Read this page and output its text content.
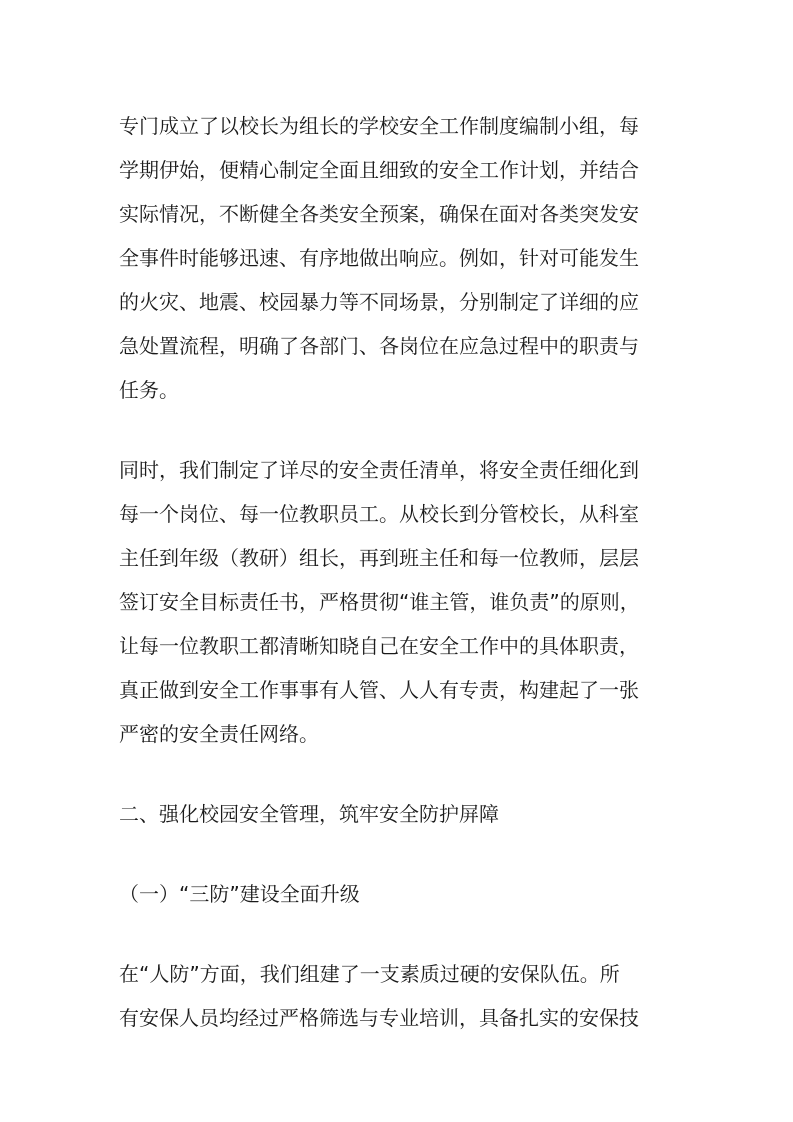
专门成立了以校长为组长的学校安全工作制度编制小组，每
学期伊始，便精心制定全面且细致的安全工作计划，并结合
实际情况，不断健全各类安全预案，确保在面对各类突发安
全事件时能够迅速、有序地做出响应。例如，针对可能发生
的火灾、地震、校园暴力等不同场景，分别制定了详细的应
急处置流程，明确了各部门、各岗位在应急过程中的职责与
任务。
同时，我们制定了详尽的安全责任清单，将安全责任细化到
每一个岗位、每一位教职员工。从校长到分管校长，从科室
主任到年级（教研）组长，再到班主任和每一位教师，层层
签订安全目标责任书，严格贯彻“谁主管，谁负责”的原则，
让每一位教职工都清晰知晓自己在安全工作中的具体职责，
真正做到安全工作事事有人管、人人有专责，构建起了一张
严密的安全责任网络。
二、强化校园安全管理，筑牢安全防护屏障
（一）“三防”建设全面升级
在“人防”方面，我们组建了一支素质过硬的安保队伍。所
有安保人员均经过严格筛选与专业培训，具备扎实的安保技
